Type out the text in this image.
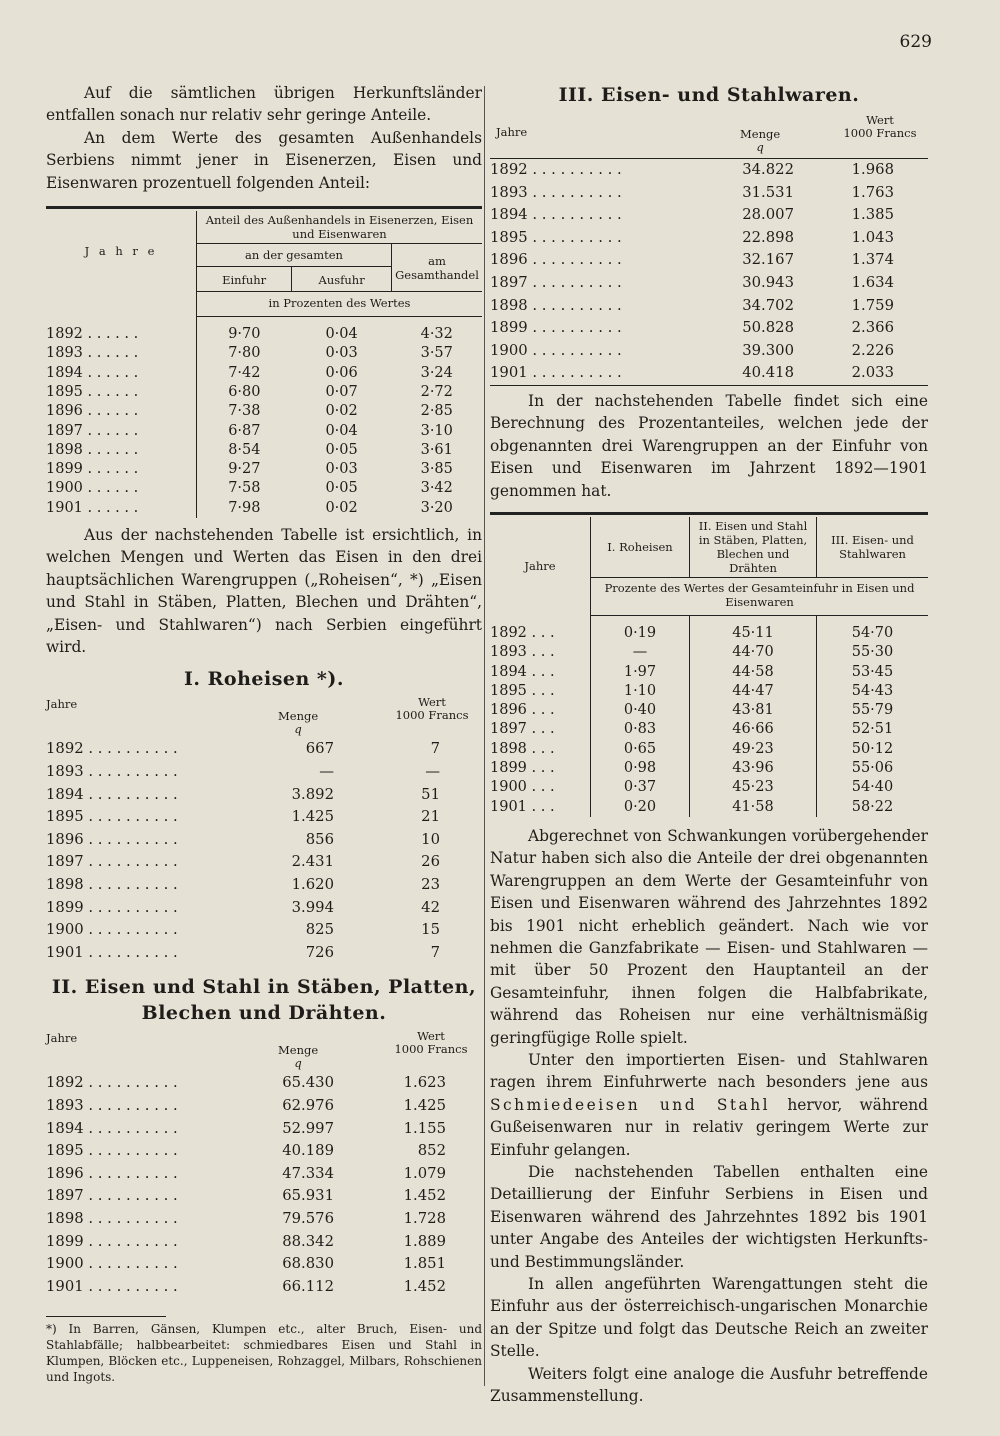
629

Auf die sämtlichen übrigen Herkunftsländer entfallen sonach nur relativ sehr geringe Anteile.

An dem Werte des gesamten Außenhandels Serbiens nimmt jener in Eisenerzen, Eisen und Eisenwaren prozentuell folgenden Anteil:

J a h r e	Anteil des Außenhandels in Eisenerzen, Eisen und Eisenwaren		
	an der gesamten		am Gesamthandel
	Einfuhr	Ausfuhr	
	in Prozenten des Wertes		
1892 . . . . . .	9·70	0·04	4·32
1893 . . . . . .	7·80	0·03	3·57
1894 . . . . . .	7·42	0·06	3·24
1895 . . . . . .	6·80	0·07	2·72
1896 . . . . . .	7·38	0·02	2·85
1897 . . . . . .	6·87	0·04	3·10
1898 . . . . . .	8·54	0·05	3·61
1899 . . . . . .	9·27	0·03	3·85
1900 . . . . . .	7·58	0·05	3·42
1901 . . . . . .	7·98	0·02	3·20

Aus der nachstehenden Tabelle ist ersichtlich, in welchen Mengen und Werten das Eisen in den drei hauptsächlichen Warengruppen („Roheisen“, *) „Eisen und Stahl in Stäben, Platten, Blechen und Drähten“, „Eisen- und Stahlwaren“) nach Serbien eingeführt wird.

I. Roheisen *).
Jahre
Menge
q
Wert
1000 Francs
1892 . . . . . . . . . .	667	7
1893 . . . . . . . . . .	—	—
1894 . . . . . . . . . .	3.892	51
1895 . . . . . . . . . .	1.425	21
1896 . . . . . . . . . .	856	10
1897 . . . . . . . . . .	2.431	26
1898 . . . . . . . . . .	1.620	23
1899 . . . . . . . . . .	3.994	42
1900 . . . . . . . . . .	825	15
1901 . . . . . . . . . .	726	7
II. Eisen und Stahl in Stäben, Platten,
Blechen und Drähten.
Jahre
Menge
q
Wert
1000 Francs
1892 . . . . . . . . . .	65.430	1.623
1893 . . . . . . . . . .	62.976	1.425
1894 . . . . . . . . . .	52.997	1.155
1895 . . . . . . . . . .	40.189	852
1896 . . . . . . . . . .	47.334	1.079
1897 . . . . . . . . . .	65.931	1.452
1898 . . . . . . . . . .	79.576	1.728
1899 . . . . . . . . . .	88.342	1.889
1900 . . . . . . . . . .	68.830	1.851
1901 . . . . . . . . . .	66.112	1.452

*) In Barren, Gänsen, Klumpen etc., alter Bruch, Eisen- und Stahlabfälle; halbbearbeitet: schmiedbares Eisen und Stahl in Klumpen, Blöcken etc., Luppeneisen, Rohzaggel, Milbars, Rohschienen und Ingots.

III. Eisen- und Stahlwaren.
Jahre	Menge
q
Wert
1000 Francs
1892 . . . . . . . . . .	34.822	1.968
1893 . . . . . . . . . .	31.531	1.763
1894 . . . . . . . . . .	28.007	1.385
1895 . . . . . . . . . .	22.898	1.043
1896 . . . . . . . . . .	32.167	1.374
1897 . . . . . . . . . .	30.943	1.634
1898 . . . . . . . . . .	34.702	1.759
1899 . . . . . . . . . .	50.828	2.366
1900 . . . . . . . . . .	39.300	2.226
1901 . . . . . . . . . .	40.418	2.033

In der nachstehenden Tabelle findet sich eine Berechnung des Prozentanteiles, welchen jede der obgenannten drei Warengruppen an der Einfuhr von Eisen und Eisenwaren im Jahrzent 1892—1901 genommen hat.

Jahre	I. Roheisen	II. Eisen und Stahl in Stäben, Platten, Blechen und Drähten	III. Eisen- und Stahlwaren
	Prozente des Wertes der Gesamteinfuhr in Eisen und Eisenwaren		
1892 . . .	0·19	45·11	54·70
1893 . . .	—	44·70	55·30
1894 . . .	1·97	44·58	53·45
1895 . . .	1·10	44·47	54·43
1896 . . .	0·40	43·81	55·79
1897 . . .	0·83	46·66	52·51
1898 . . .	0·65	49·23	50·12
1899 . . .	0·98	43·96	55·06
1900 . . .	0·37	45·23	54·40
1901 . . .	0·20	41·58	58·22

Abgerechnet von Schwankungen vorübergehender Natur haben sich also die Anteile der drei obgenannten Warengruppen an dem Werte der Gesamteinfuhr von Eisen und Eisenwaren während des Jahrzehntes 1892 bis 1901 nicht erheblich geändert. Nach wie vor nehmen die Ganzfabrikate — Eisen- und Stahlwaren — mit über 50 Prozent den Hauptanteil an der Gesamteinfuhr, ihnen folgen die Halbfabrikate, während das Roheisen nur eine verhältnismäßig geringfügige Rolle spielt.

Unter den importierten Eisen- und Stahlwaren ragen ihrem Einfuhrwerte nach besonders jene aus Schmiedeeisen und Stahl hervor, während Gußeisenwaren nur in relativ geringem Werte zur Einfuhr gelangen.

Die nachstehenden Tabellen enthalten eine Detaillierung der Einfuhr Serbiens in Eisen und Eisenwaren während des Jahrzehntes 1892 bis 1901 unter Angabe des Anteiles der wichtigsten Herkunfts- und Bestimmungsländer.

In allen angeführten Warengattungen steht die Einfuhr aus der österreichisch-ungarischen Monarchie an der Spitze und folgt das Deutsche Reich an zweiter Stelle.

Weiters folgt eine analoge die Ausfuhr betreffende Zusammenstellung.
